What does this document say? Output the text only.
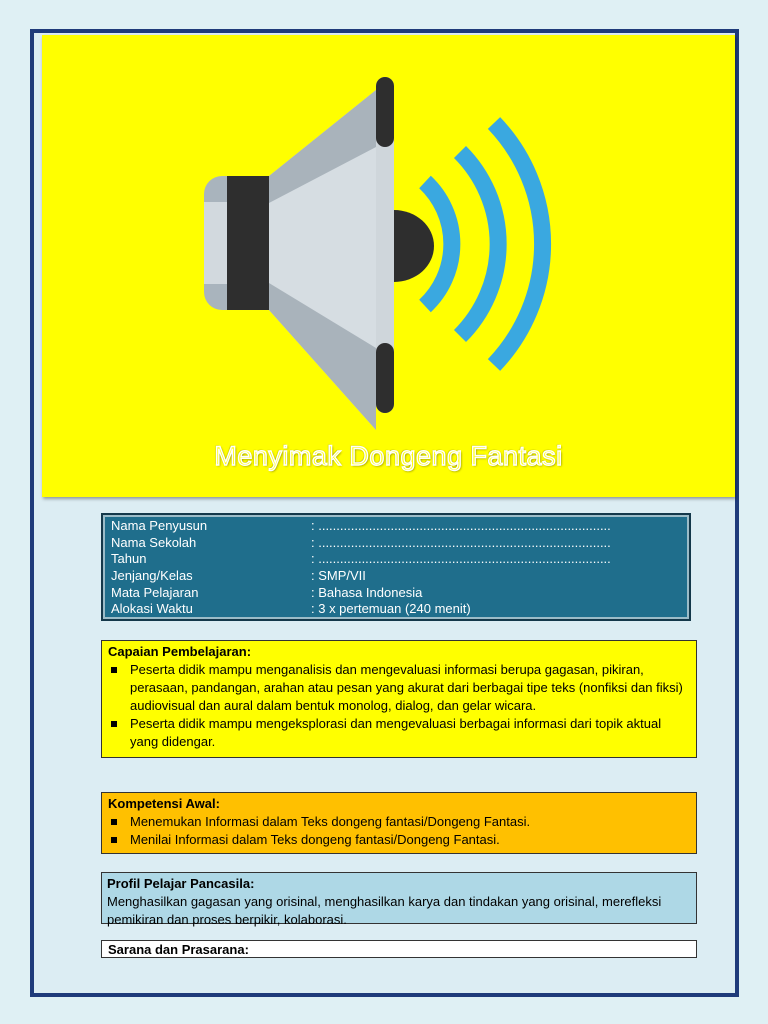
Menyimak Dongeng Fantasi
Nama Penyusun	: .................................................................................
Nama Sekolah	: .................................................................................
Tahun	: .................................................................................
Jenjang/Kelas	: SMP/VII
Mata Pelajaran	: Bahasa Indonesia
Alokasi Waktu	: 3 x pertemuan (240 menit)
Capaian Pembelajaran:
Peserta didik mampu menganalisis dan mengevaluasi informasi berupa gagasan, pikiran, perasaan, pandangan, arahan atau pesan yang akurat dari berbagai tipe teks (nonfiksi dan fiksi) audiovisual dan aural dalam bentuk monolog, dialog, dan gelar wicara.
Peserta didik mampu mengeksplorasi dan mengevaluasi berbagai informasi dari topik aktual yang didengar.
Kompetensi Awal:
Menemukan Informasi dalam Teks dongeng fantasi/Dongeng Fantasi.
Menilai Informasi dalam Teks dongeng fantasi/Dongeng Fantasi.
Profil Pelajar Pancasila:
Menghasilkan gagasan yang orisinal, menghasilkan karya dan tindakan yang orisinal, merefleksi pemikiran dan proses berpikir, kolaborasi.
Sarana dan Prasarana:
